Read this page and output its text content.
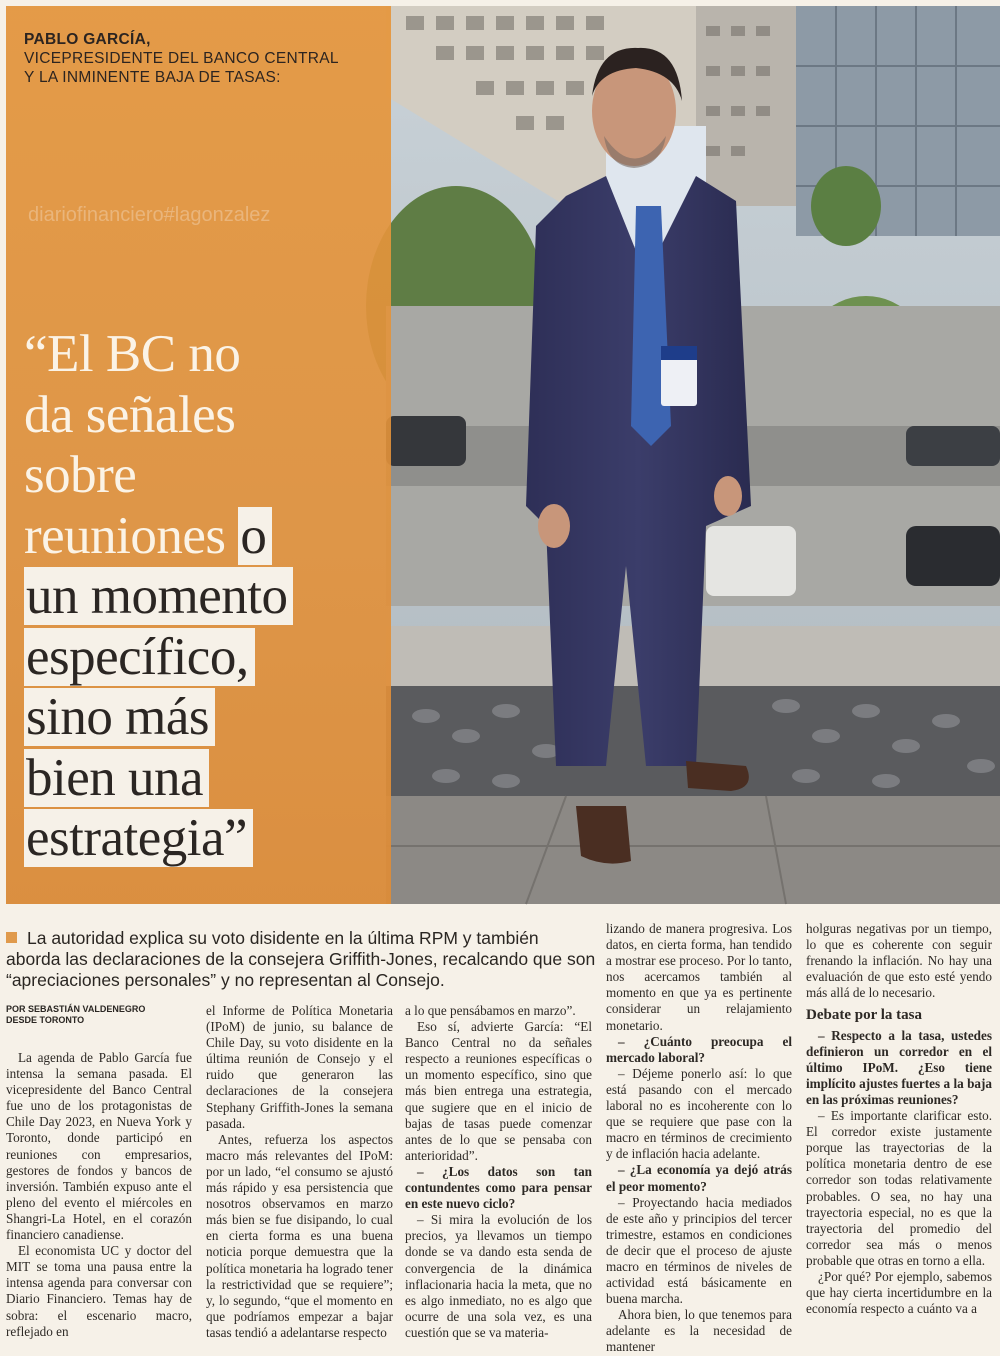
PABLO GARCÍA,
VICEPRESIDENTE DEL BANCO CENTRAL
Y LA INMINENTE BAJA DE TASAS:
diariofinanciero#lagonzalez
“El BC no
da señales
sobre
reuniones o
un momento
específico,
sino más
bien una
estrategia”
La autoridad explica su voto disidente en la última RPM y también aborda las declaraciones de la consejera Griffith-Jones, recalcando que son “apreciaciones personales” y no representan al Consejo.
POR SEBASTIÁN VALDENEGRO
DESDE TORONTO

La agenda de Pablo García fue intensa la semana pasada. El vicepresidente del Banco Central fue uno de los protagonistas de Chile Day 2023, en Nueva York y Toronto, donde participó en reuniones con empresarios, gestores de fondos y bancos de inversión. También expuso ante el pleno del evento el miércoles en Shangri-La Hotel, en el corazón financiero canadiense.

El economista UC y doctor del MIT se toma una pausa entre la intensa agenda para conversar con Diario Financiero. Temas hay de sobra: el escenario macro, reflejado en

el Informe de Política Monetaria (IPoM) de junio, su balance de Chile Day, su voto disidente en la última reunión de Consejo y el ruido que generaron las declaraciones de la consejera Stephany Griffith-Jones la semana pasada.

Antes, refuerza los aspectos macro más relevantes del IPoM: por un lado, “el consumo se ajustó más rápido y esa persistencia que nosotros observamos en marzo más bien se fue disipando, lo cual en cierta forma es una buena noticia porque demuestra que la política monetaria ha logrado tener la restrictividad que se requiere”; y, lo segundo, “que el momento en que podríamos empezar a bajar tasas tendió a adelantarse respecto

a lo que pensábamos en marzo”.

Eso sí, advierte García: “El Banco Central no da señales respecto a reuniones específicas o un momento específico, sino que más bien entrega una estrategia, que sugiere que en el inicio de bajas de tasas puede comenzar antes de lo que se pensaba con anterioridad”.

– ¿Los datos son tan contundentes como para pensar en este nuevo ciclo?

– Si mira la evolución de los precios, ya llevamos un tiempo donde se va dando esta senda de convergencia de la dinámica inflacionaria hacia la meta, que no es algo inmediato, no es algo que ocurre de una sola vez, es una cuestión que se va materia-

lizando de manera progresiva. Los datos, en cierta forma, han tendido a mostrar ese proceso. Por lo tanto, nos acercamos también al momento en que ya es pertinente considerar un relajamiento monetario.

– ¿Cuánto preocupa el mercado laboral?

– Déjeme ponerlo así: lo que está pasando con el mercado laboral no es incoherente con lo que se requiere que pase con la macro en términos de crecimiento y de inflación hacia adelante.

– ¿La economía ya dejó atrás el peor momento?

– Proyectando hacia mediados de este año y principios del tercer trimestre, estamos en condiciones de decir que el proceso de ajuste macro en términos de niveles de actividad está básicamente en buena marcha.

Ahora bien, lo que tenemos para adelante es la necesidad de mantener

holguras negativas por un tiempo, lo que es coherente con seguir frenando la inflación. No hay una evaluación de que esto esté yendo más allá de lo necesario.

Debate por la tasa

– Respecto a la tasa, ustedes definieron un corredor en el último IPoM. ¿Eso tiene implícito ajustes fuertes a la baja en las próximas reuniones?

– Es importante clarificar esto. El corredor existe justamente porque las trayectorias de la política monetaria dentro de ese corredor son todas relativamente probables. O sea, no hay una trayectoria especial, no es que la trayectoria del promedio del corredor sea más o menos probable que otras en torno a ella.

¿Por qué? Por ejemplo, sabemos que hay cierta incertidumbre en la economía respecto a cuánto va a
